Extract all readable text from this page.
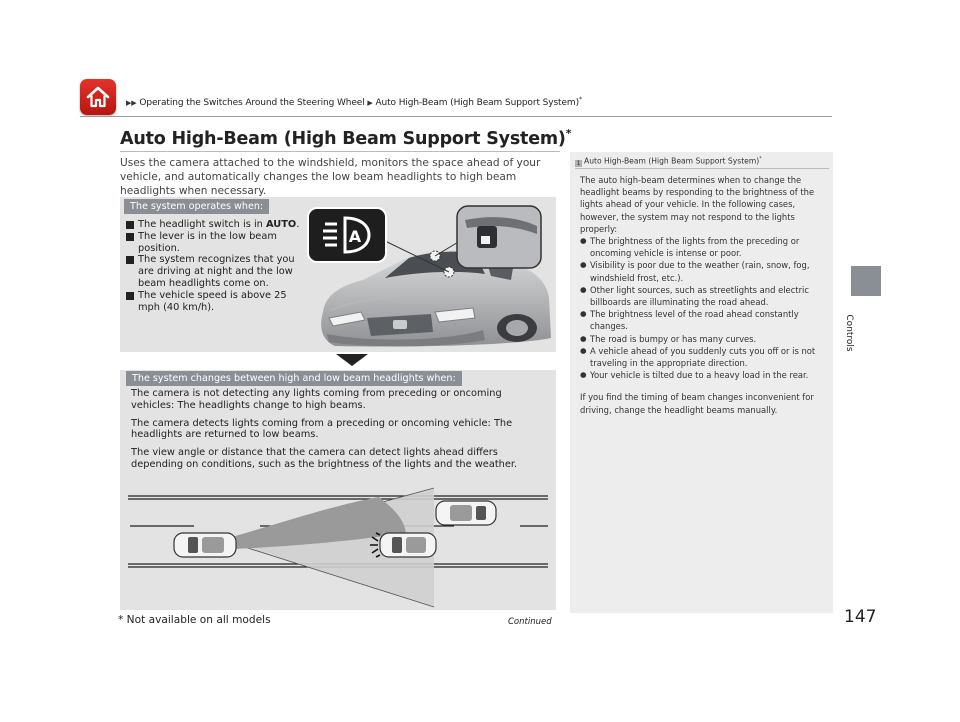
▶▶ Operating the Switches Around the Steering Wheel ▶ Auto High-Beam (High Beam Support System)*
Auto High-Beam (High Beam Support System)*

Uses the camera attached to the windshield, monitors the space ahead of your vehicle, and automatically changes the low beam headlights to high beam headlights when necessary.

The system operates when:
The headlight switch is in AUTO.
The lever is in the low beam position.
The system recognizes that you are driving at night and the low beam headlights come on.
The vehicle speed is above 25 mph (40 km/h).
A
The system changes between high and low beam headlights when:

The camera is not detecting any lights coming from preceding or oncoming vehicles: The headlights change to high beams.

The camera detects lights coming from a preceding or oncoming vehicle: The headlights are returned to low beams.

The view angle or distance that the camera can detect lights ahead differs depending on conditions, such as the brightness of the lights and the weather.

* Not available on all models	Continued	147
1 Auto High-Beam (High Beam Support System)*

The auto high-beam determines when to change the headlight beams by responding to the brightness of the lights ahead of your vehicle. In the following cases, however, the system may not respond to the lights properly:

● The brightness of the lights from the preceding or oncoming vehicle is intense or poor.
● Visibility is poor due to the weather (rain, snow, fog, windshield frost, etc.).
● Other light sources, such as streetlights and electric billboards are illuminating the road ahead.
● The brightness level of the road ahead constantly changes.
● The road is bumpy or has many curves.
● A vehicle ahead of you suddenly cuts you off or is not traveling in the appropriate direction.
● Your vehicle is tilted due to a heavy load in the rear.

If you find the timing of beam changes inconvenient for driving, change the headlight beams manually.

Controls
